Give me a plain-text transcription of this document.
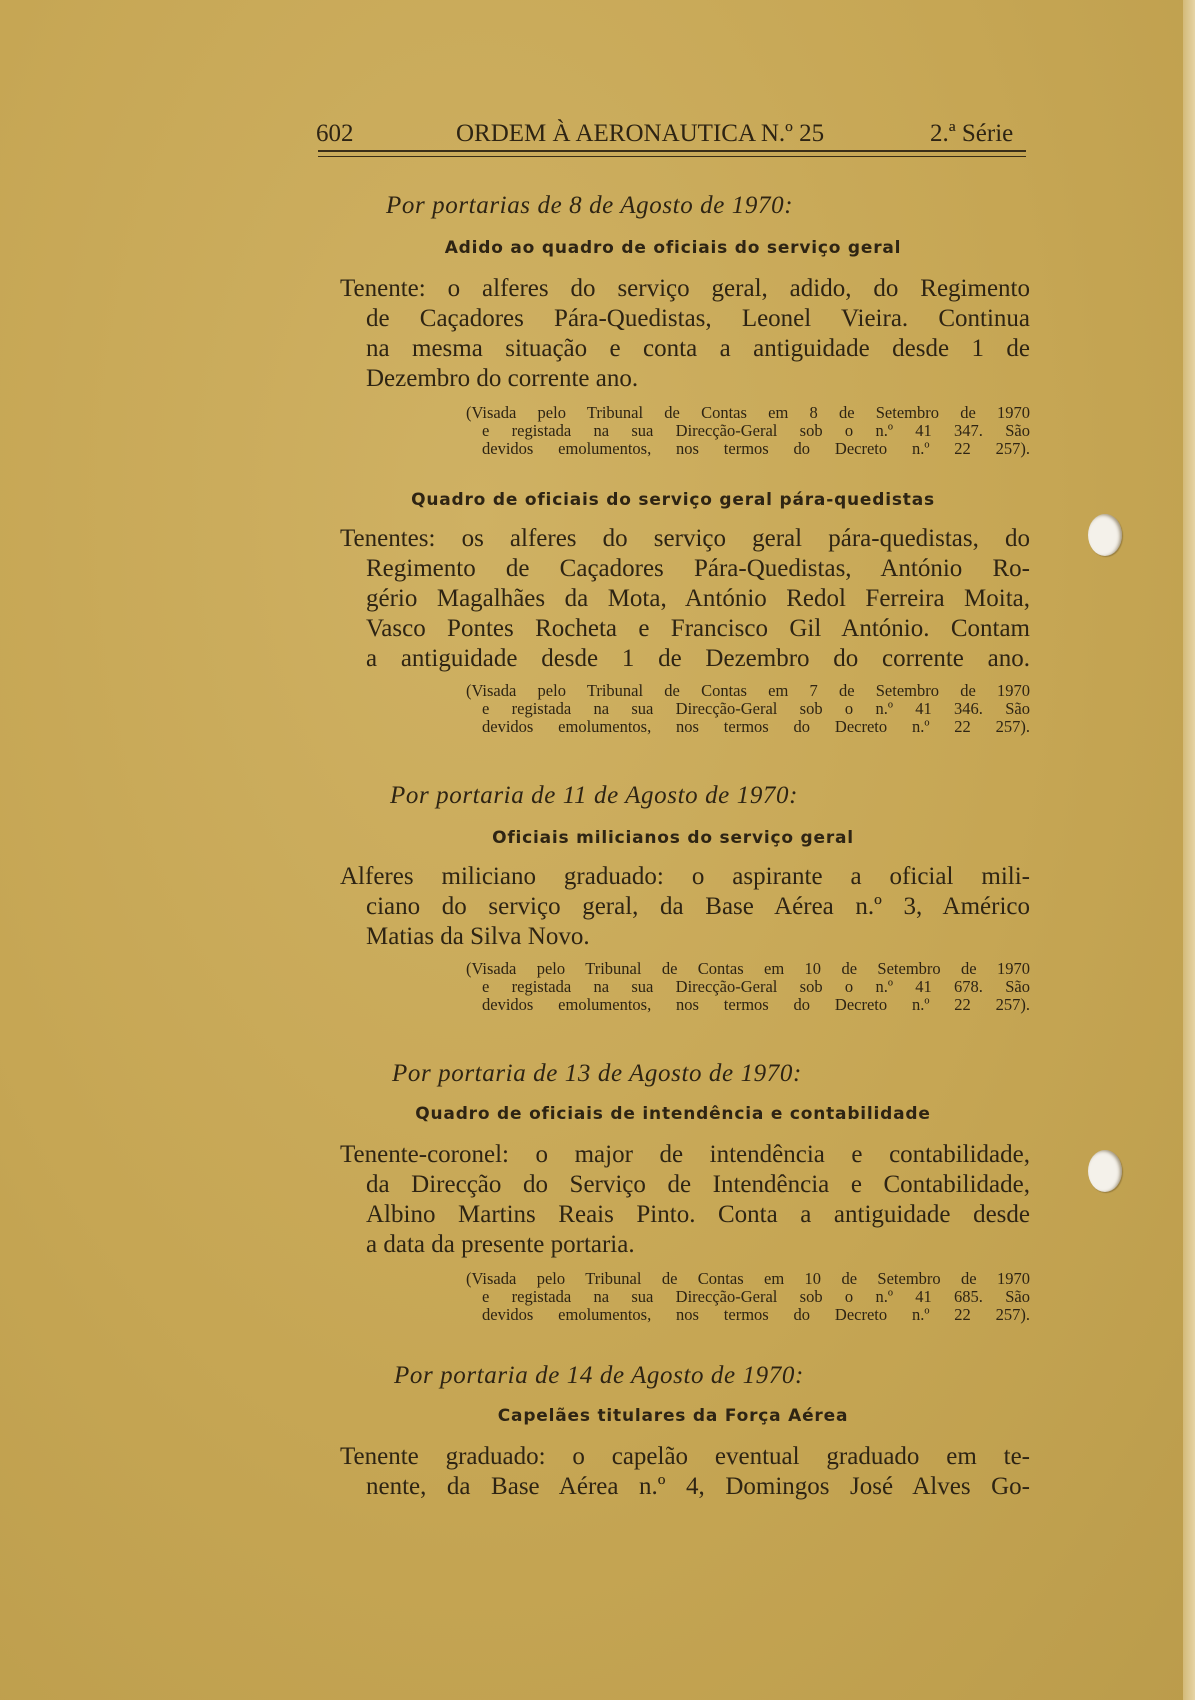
602	ORDEM À AERONAUTICA N.º 25	2.ª Série
Por portarias de 8 de Agosto de 1970:
Adido ao quadro de oficiais do serviço geral
Tenente: o alferes do serviço geral, adido, do Regimento
de Caçadores Pára-Quedistas, Leonel Vieira. Continua
na mesma situação e conta a antiguidade desde 1 de
Dezembro do corrente ano.
(Visada pelo Tribunal de Contas em 8 de Setembro de 1970
e registada na sua Direcção-Geral sob o n.º 41 347. São
devidos emolumentos, nos termos do Decreto n.º 22 257).
Quadro de oficiais do serviço geral pára-quedistas
Tenentes: os alferes do serviço geral pára-quedistas, do
Regimento de Caçadores Pára-Quedistas, António Ro-
gério Magalhães da Mota, António Redol Ferreira Moita,
Vasco Pontes Rocheta e Francisco Gil António. Contam
a antiguidade desde 1 de Dezembro do corrente ano.
(Visada pelo Tribunal de Contas em 7 de Setembro de 1970
e registada na sua Direcção-Geral sob o n.º 41 346. São
devidos emolumentos, nos termos do Decreto n.º 22 257).
Por portaria de 11 de Agosto de 1970:
Oficiais milicianos do serviço geral
Alferes miliciano graduado: o aspirante a oficial mili-
ciano do serviço geral, da Base Aérea n.º 3, Américo
Matias da Silva Novo.
(Visada pelo Tribunal de Contas em 10 de Setembro de 1970
e registada na sua Direcção-Geral sob o n.º 41 678. São
devidos emolumentos, nos termos do Decreto n.º 22 257).
Por portaria de 13 de Agosto de 1970:
Quadro de oficiais de intendência e contabilidade
Tenente-coronel: o major de intendência e contabilidade,
da Direcção do Serviço de Intendência e Contabilidade,
Albino Martins Reais Pinto. Conta a antiguidade desde
a data da presente portaria.
(Visada pelo Tribunal de Contas em 10 de Setembro de 1970
e registada na sua Direcção-Geral sob o n.º 41 685. São
devidos emolumentos, nos termos do Decreto n.º 22 257).
Por portaria de 14 de Agosto de 1970:
Capelães titulares da Força Aérea
Tenente graduado: o capelão eventual graduado em te-
nente, da Base Aérea n.º 4, Domingos José Alves Go-
